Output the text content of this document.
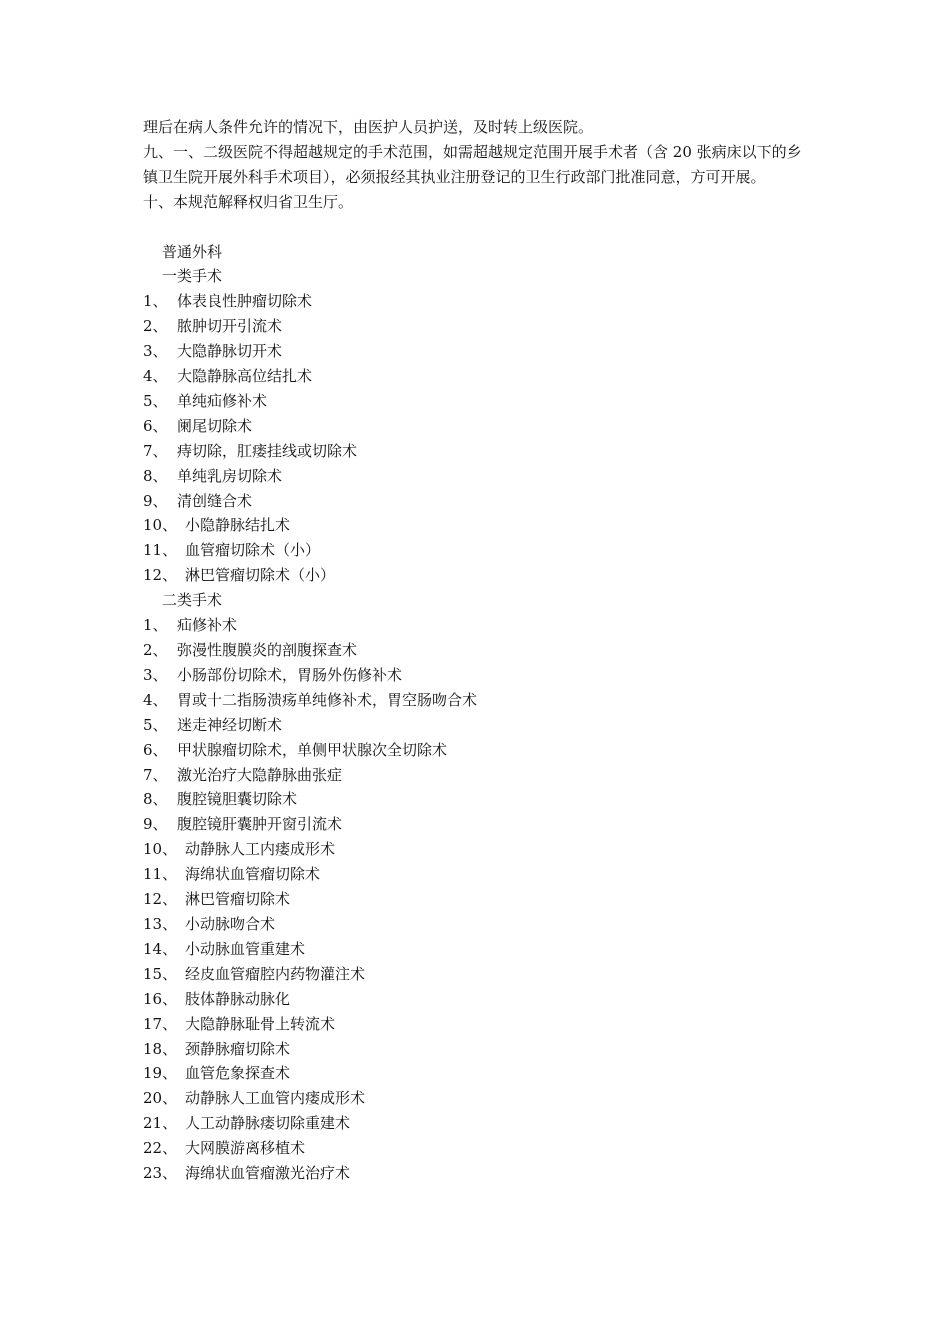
理后在病人条件允许的情况下，由医护人员护送，及时转上级医院。

九、一、二级医院不得超越规定的手术范围，如需超越规定范围开展手术者（含 20 张病床以下的乡镇卫生院开展外科手术项目），必须报经其执业注册登记的卫生行政部门批准同意，方可开展。

十、本规范解释权归省卫生厅。

普通外科

一类手术

1、 体表良性肿瘤切除术

2、 脓肿切开引流术

3、 大隐静脉切开术

4、 大隐静脉高位结扎术

5、 单纯疝修补术

6、 阑尾切除术

7、 痔切除，肛瘘挂线或切除术

8、 单纯乳房切除术

9、 清创缝合术

10、 小隐静脉结扎术

11、 血管瘤切除术（小）

12、 淋巴管瘤切除术（小）

二类手术

1、 疝修补术

2、 弥漫性腹膜炎的剖腹探查术

3、 小肠部份切除术，胃肠外伤修补术

4、 胃或十二指肠溃疡单纯修补术，胃空肠吻合术

5、 迷走神经切断术

6、 甲状腺瘤切除术，单侧甲状腺次全切除术

7、 激光治疗大隐静脉曲张症

8、 腹腔镜胆囊切除术

9、 腹腔镜肝囊肿开窗引流术

10、 动静脉人工内瘘成形术

11、 海绵状血管瘤切除术

12、 淋巴管瘤切除术

13、 小动脉吻合术

14、 小动脉血管重建术

15、 经皮血管瘤腔内药物灌注术

16、 肢体静脉动脉化

17、 大隐静脉耻骨上转流术

18、 颈静脉瘤切除术

19、 血管危象探查术

20、 动静脉人工血管内瘘成形术

21、 人工动静脉瘘切除重建术

22、 大网膜游离移植术

23、 海绵状血管瘤激光治疗术
